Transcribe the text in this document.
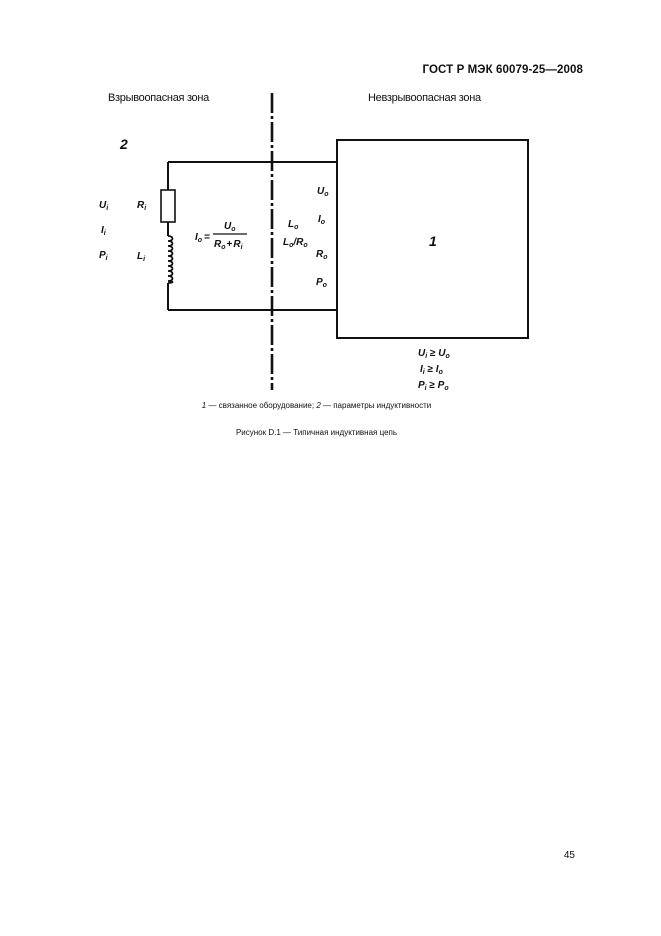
ГОСТ Р МЭК 60079-25—2008
Взрывоопасная зона	Невзрывоопасная зона
2
1
$U_i$
$I_i$
$P_i$
$R_i$
$L_i$
$I_o$ =
$U_o$
$R_o+R_i$
$L_o$
$L_o/R_o$
$U_o$
$I_o$
$R_o$
$P_o$
$U_i \ge U_o$
$I_i \ge I_o$
$P_i \ge P_o$
1 — связанное оборудование; 2 — параметры индуктивности
Рисунок D.1 — Типичная индуктивная цепь
45
